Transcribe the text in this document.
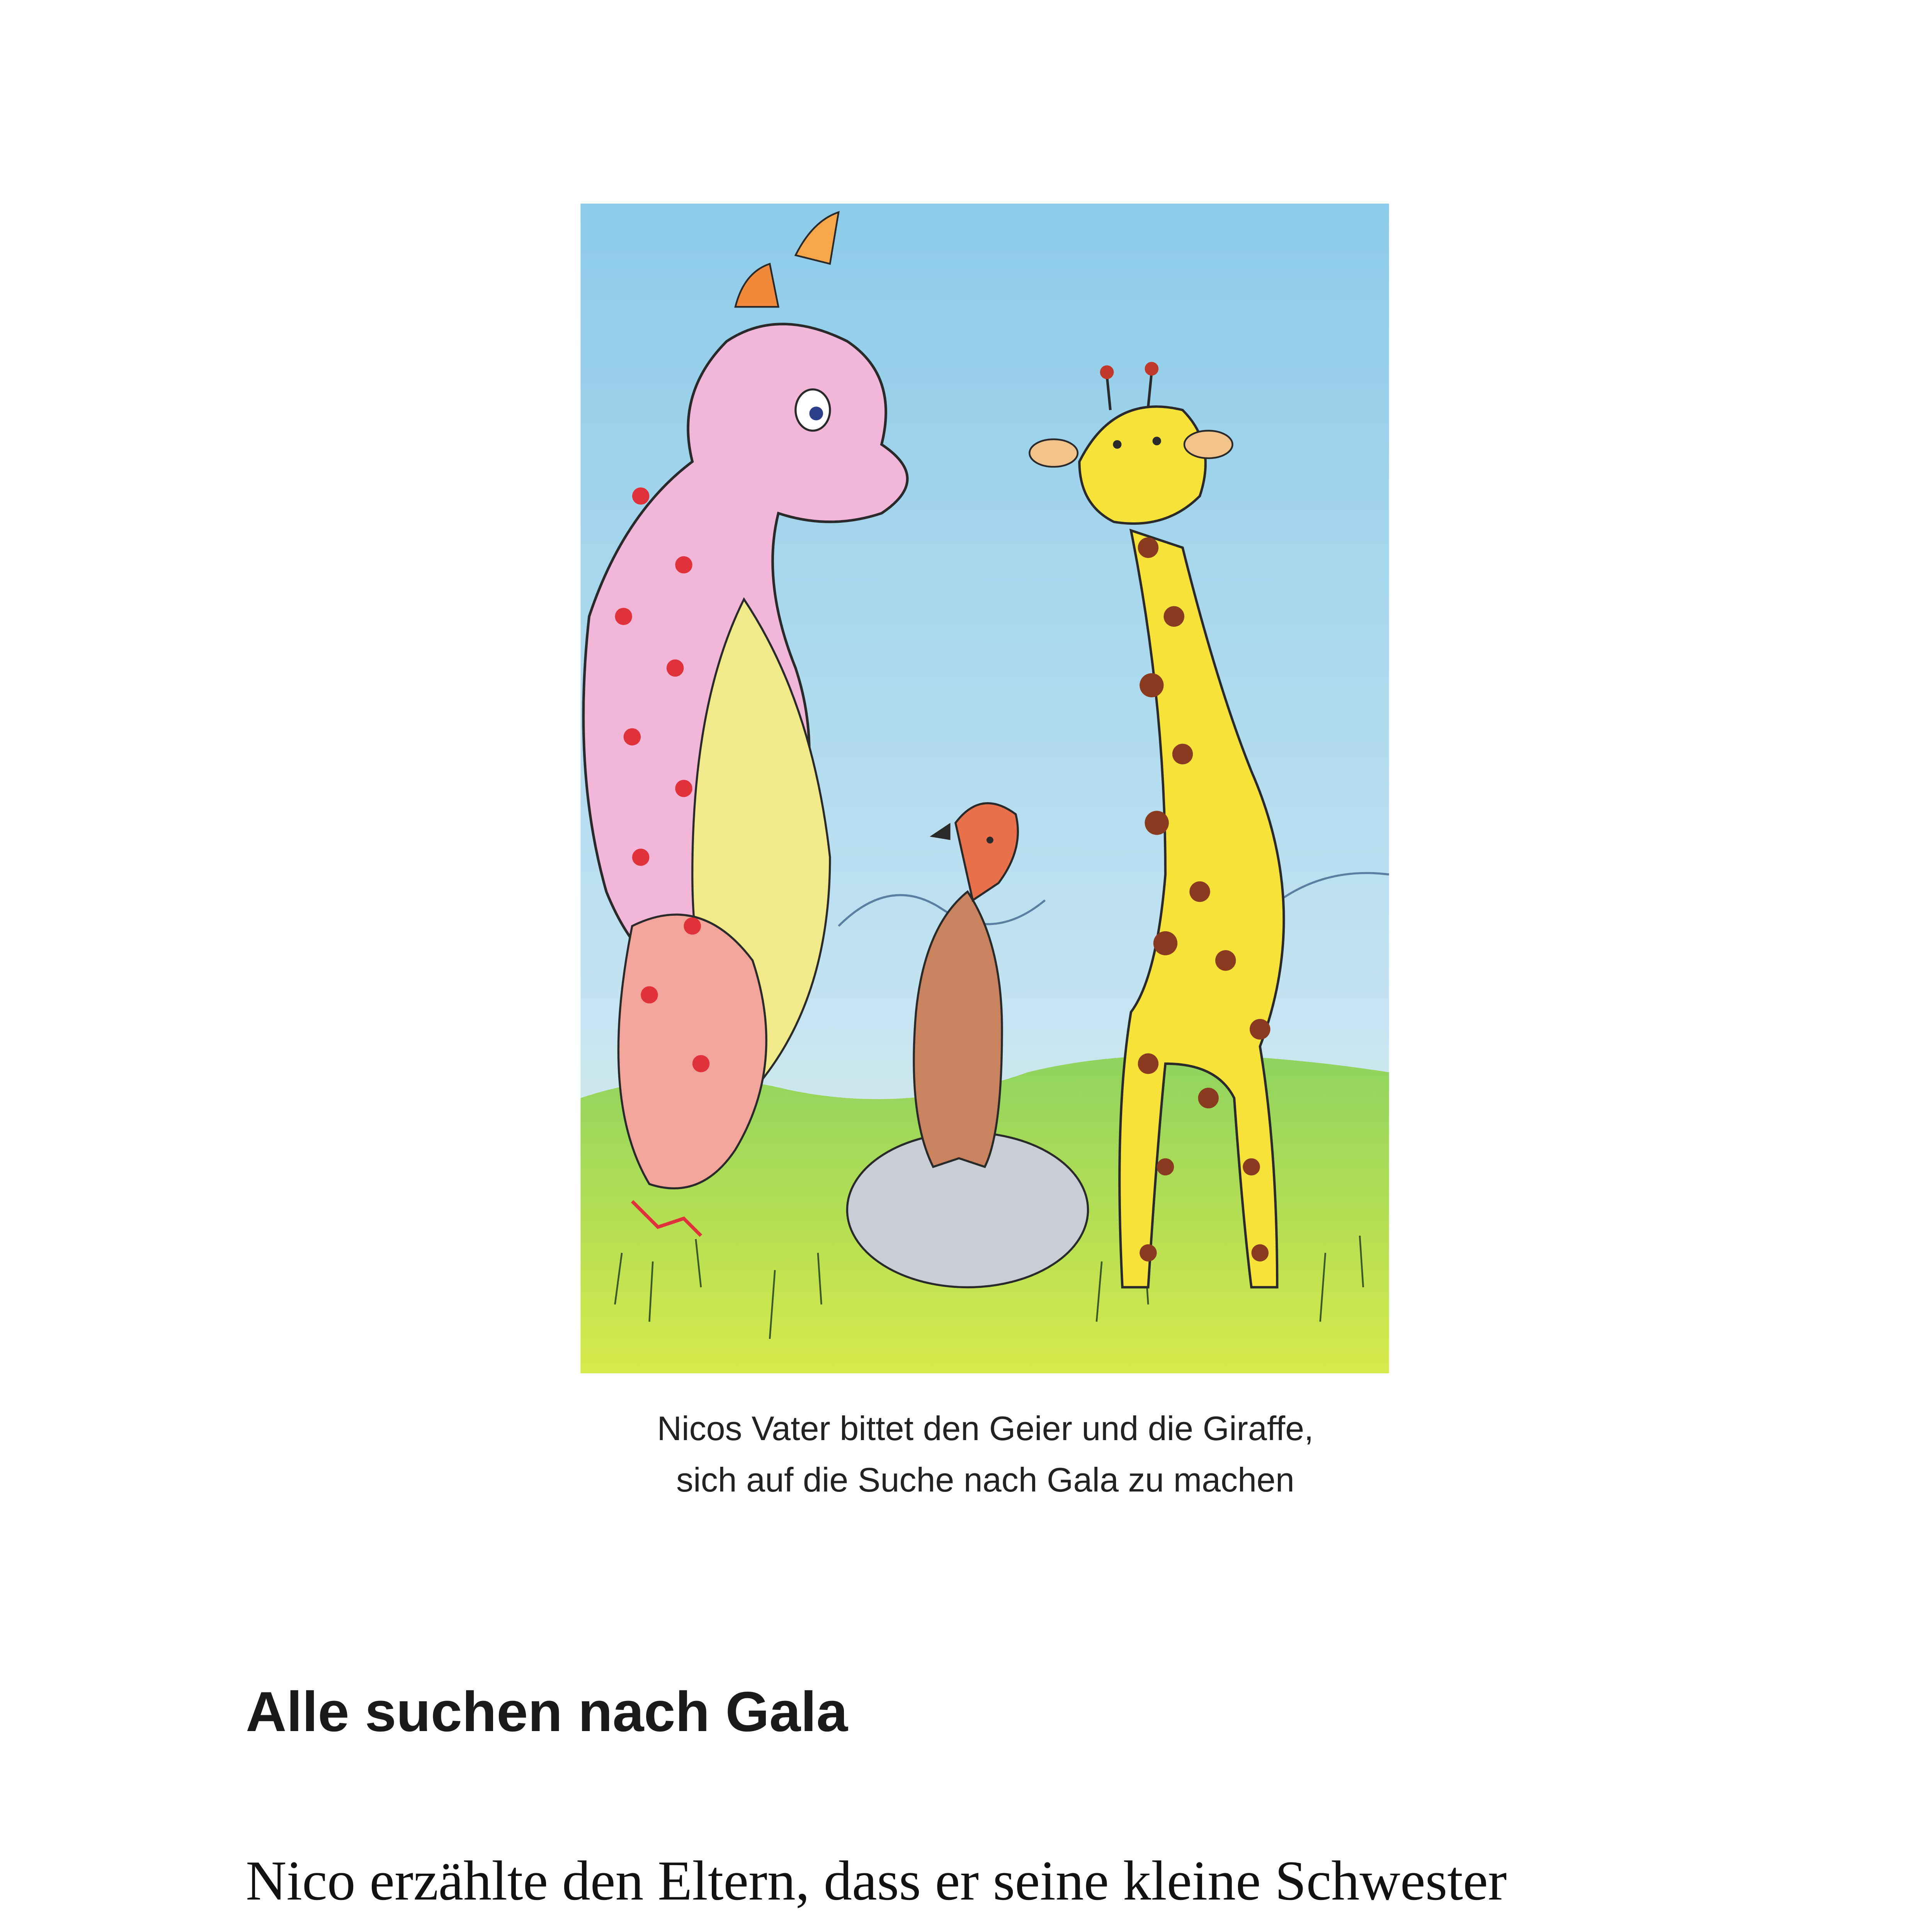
Nicos Vater bittet den Geier und die Giraffe,
sich auf die Suche nach Gala zu machen
Alle suchen nach Gala
Nico erzählte den Eltern, dass er seine kleine Schwester
